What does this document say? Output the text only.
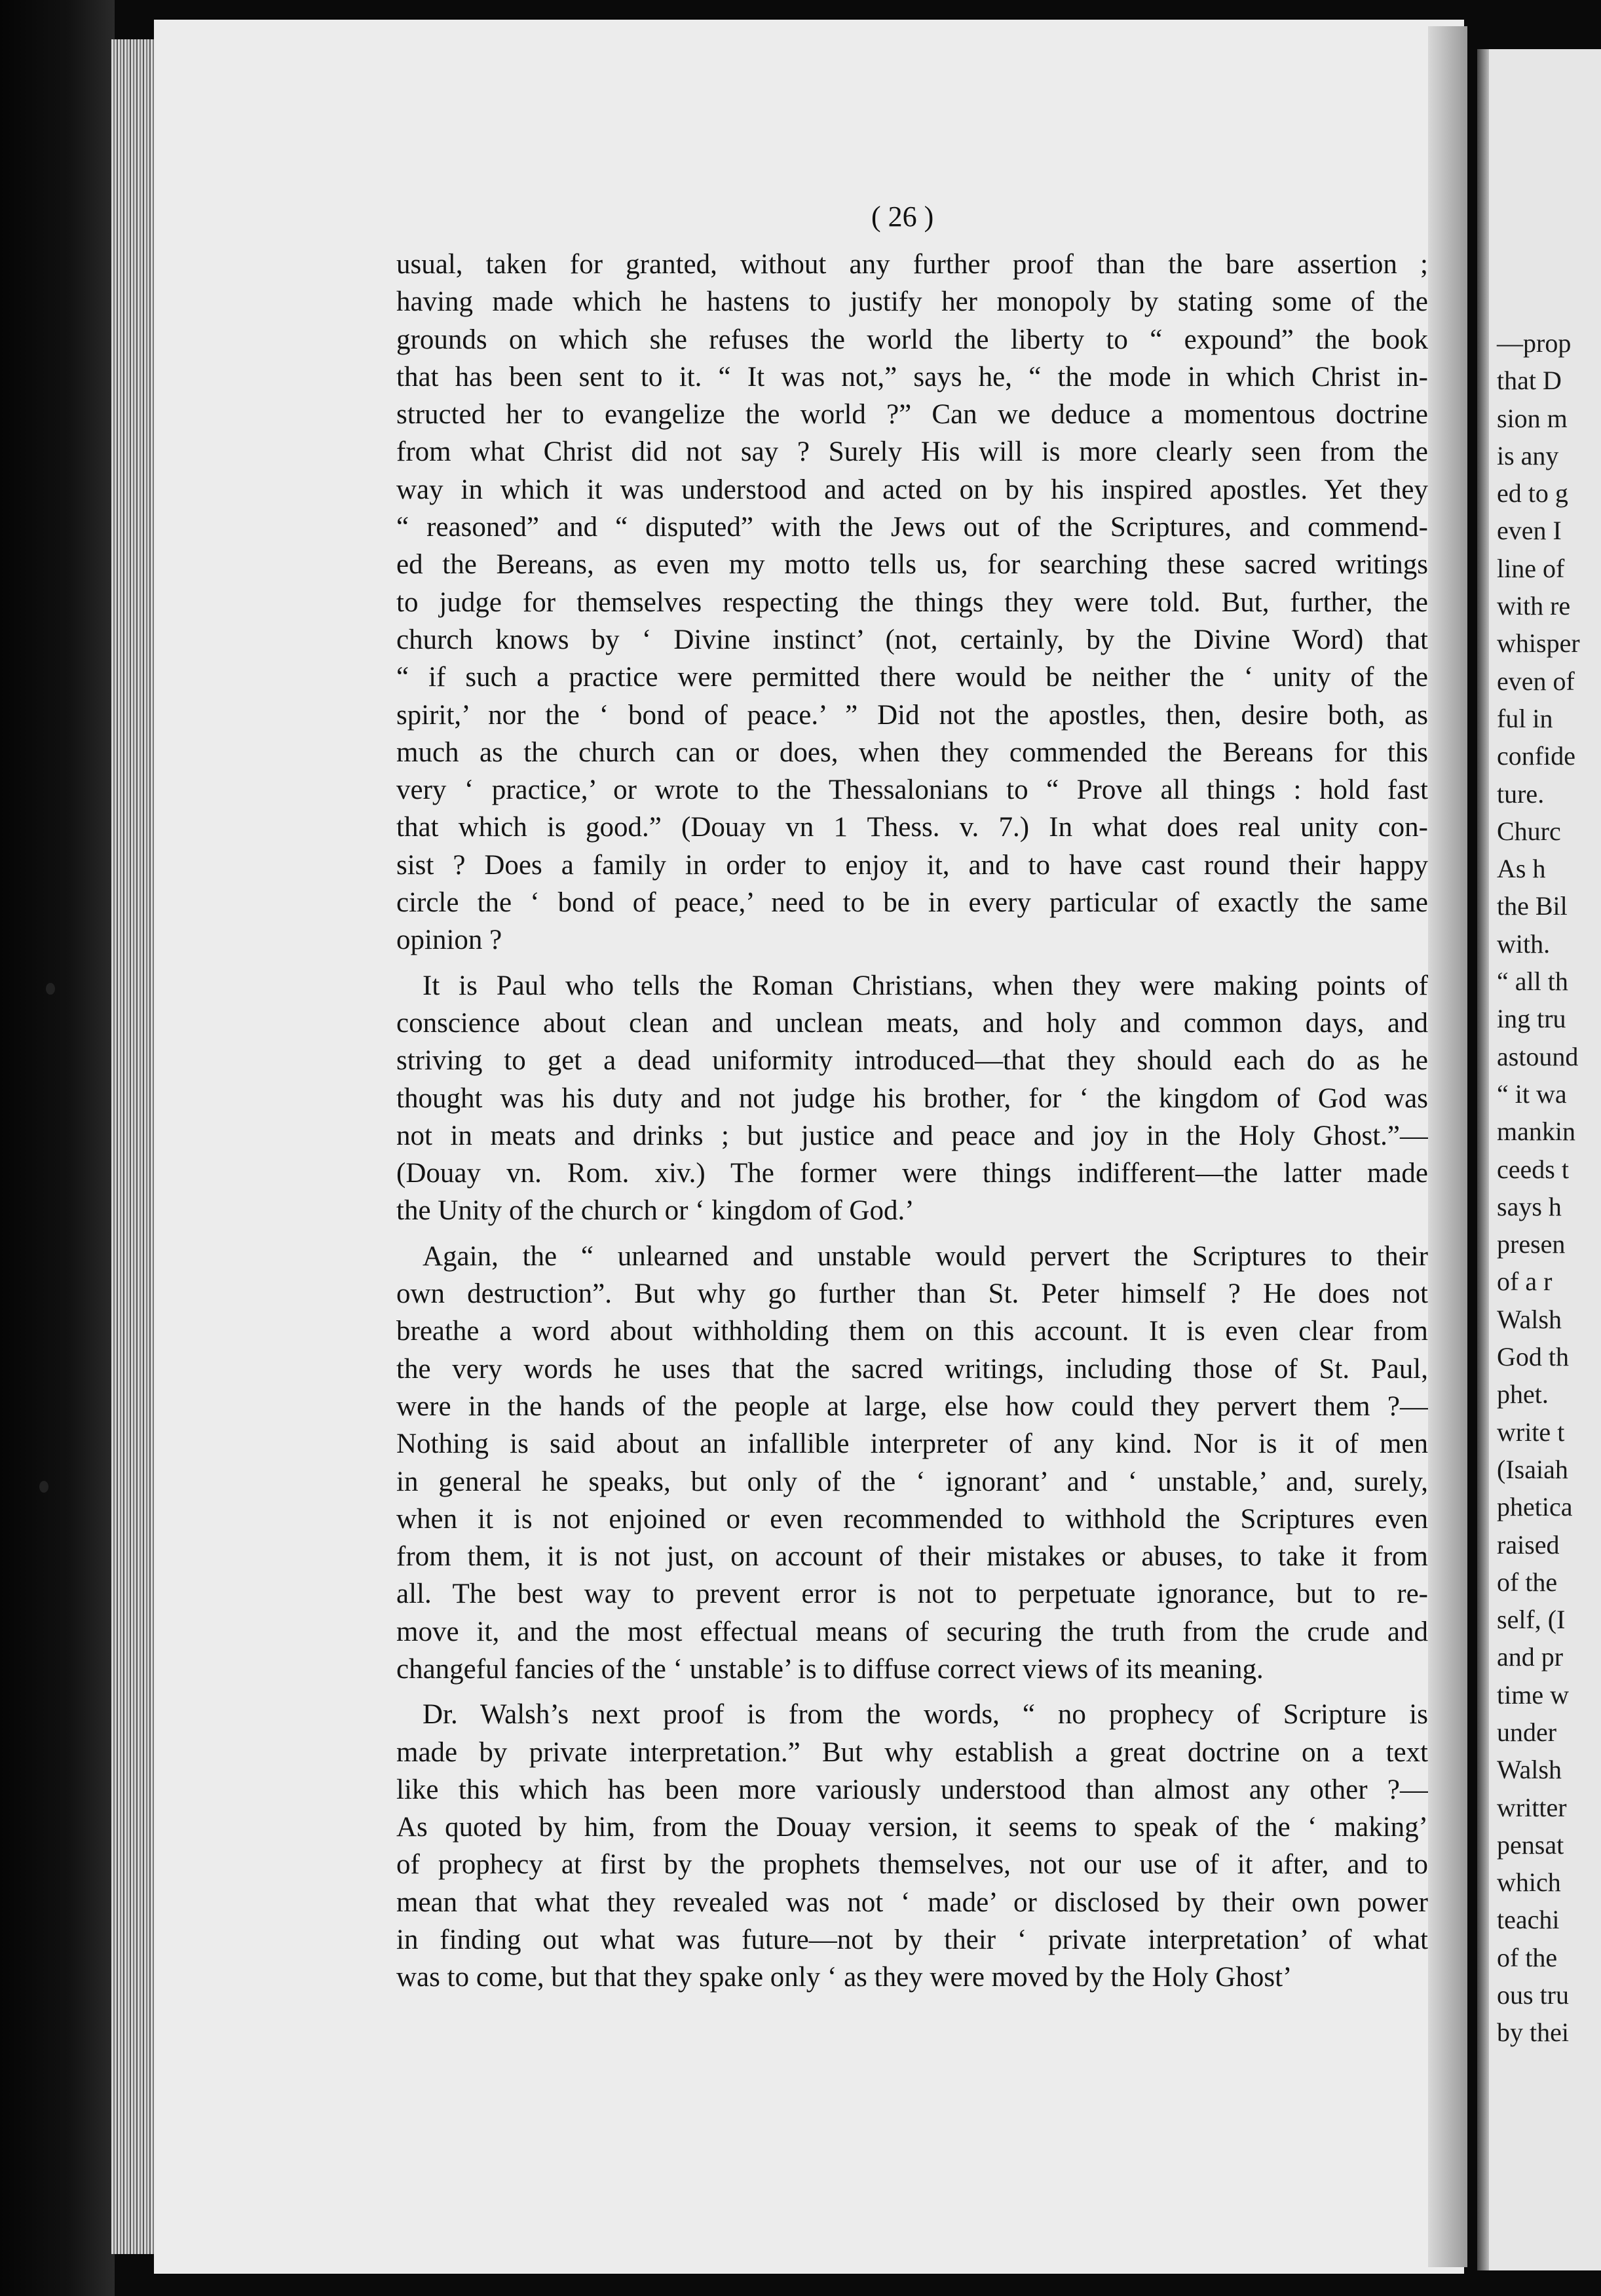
( 26 )
usual, taken for granted, without any further proof than the bare assertion ;
having made which he hastens to justify her monopoly by stating some of the
grounds on which she refuses the world the liberty to “ expound” the book
that has been sent to it. “ It was not,” says he, “ the mode in which Christ in-
structed her to evangelize the world ?” Can we deduce a momentous doctrine
from what Christ did not say ? Surely His will is more clearly seen from the
way in which it was understood and acted on by his inspired apostles. Yet they
“ reasoned” and “ disputed” with the Jews out of the Scriptures, and commend-
ed the Bereans, as even my motto tells us, for searching these sacred writings
to judge for themselves respecting the things they were told. But, further, the
church knows by ‘ Divine instinct’ (not, certainly, by the Divine Word) that
“ if such a practice were permitted there would be neither the ‘ unity of the
spirit,’ nor the ‘ bond of peace.’ ” Did not the apostles, then, desire both, as
much as the church can or does, when they commended the Bereans for this
very ‘ practice,’ or wrote to the Thessalonians to “ Prove all things : hold fast
that which is good.” (Douay vn 1 Thess. v. 7.) In what does real unity con-
sist ? Does a family in order to enjoy it, and to have cast round their happy
circle the ‘ bond of peace,’ need to be in every particular of exactly the same
opinion ?
It is Paul who tells the Roman Christians, when they were making points of
conscience about clean and unclean meats, and holy and common days, and
striving to get a dead uniformity introduced—that they should each do as he
thought was his duty and not judge his brother, for ‘ the kingdom of God was
not in meats and drinks ; but justice and peace and joy in the Holy Ghost.”—
(Douay vn. Rom. xiv.) The former were things indifferent—the latter made
the Unity of the church or ‘ kingdom of God.’
Again, the “ unlearned and unstable would pervert the Scriptures to their
own destruction”. But why go further than St. Peter himself ? He does not
breathe a word about withholding them on this account. It is even clear from
the very words he uses that the sacred writings, including those of St. Paul,
were in the hands of the people at large, else how could they pervert them ?—
Nothing is said about an infallible interpreter of any kind. Nor is it of men
in general he speaks, but only of the ‘ ignorant’ and ‘ unstable,’ and, surely,
when it is not enjoined or even recommended to withhold the Scriptures even
from them, it is not just, on account of their mistakes or abuses, to take it from
all. The best way to prevent error is not to perpetuate ignorance, but to re-
move it, and the most effectual means of securing the truth from the crude and
changeful fancies of the ‘ unstable’ is to diffuse correct views of its meaning.
Dr. Walsh’s next proof is from the words, “ no prophecy of Scripture is
made by private interpretation.” But why establish a great doctrine on a text
like this which has been more variously understood than almost any other ?—
As quoted by him, from the Douay version, it seems to speak of the ‘ making’
of prophecy at first by the prophets themselves, not our use of it after, and to
mean that what they revealed was not ‘ made’ or disclosed by their own power
in finding out what was future—not by their ‘ private interpretation’ of what
was to come, but that they spake only ‘ as they were moved by the Holy Ghost’
—prop
that D
sion m
is any
ed to g
even I
line of
with re
whisper
even of
ful in
confide
ture.
Churc
As h
the Bil
with.
“ all th
ing tru
astound
“ it wa
mankin
ceeds t
says h
presen
of a r
Walsh
God th
phet.
write t
(Isaiah
phetica
raised
of the
self, (I
and pr
time w
under
Walsh
writter
pensat
which
teachi
of the
ous tru
by thei
